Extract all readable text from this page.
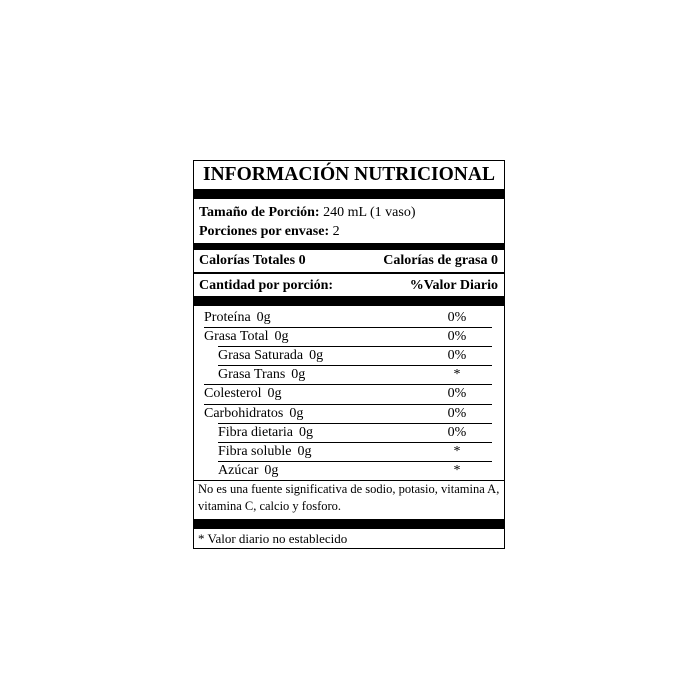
INFORMACIÓN NUTRICIONAL
Tamaño de Porción: 240 mL (1 vaso)
Porciones por envase: 2
Calorías Totales 0	Calorías de grasa 0
Cantidad por porción:	%Valor Diario
Proteína 0g	0%
Grasa Total 0g	0%
Grasa Saturada 0g	0%
Grasa Trans 0g	*
Colesterol 0g	0%
Carbohidratos 0g	0%
Fibra dietaria 0g	0%
Fibra soluble 0g	*
Azúcar 0g	*
No es una fuente significativa de sodio, potasio, vitamina A, vitamina C, calcio y fosforo.
* Valor diario no establecido
